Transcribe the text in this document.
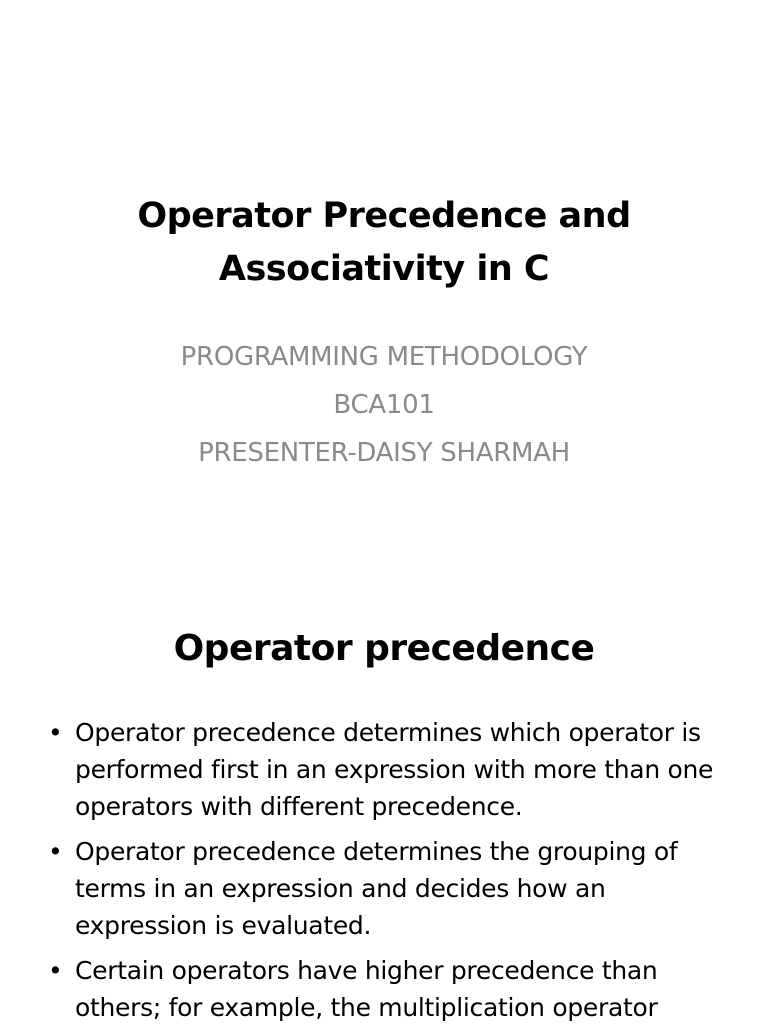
Operator Precedence and
Associativity in C
PROGRAMMING METHODOLOGY
BCA101
PRESENTER-DAISY SHARMAH
Operator precedence
• Operator precedence determines which operator is performed first in an expression with more than one operators with different precedence.
• Operator precedence determines the grouping of terms in an expression and decides how an expression is evaluated.
• Certain operators have higher precedence than others; for example, the multiplication operator
